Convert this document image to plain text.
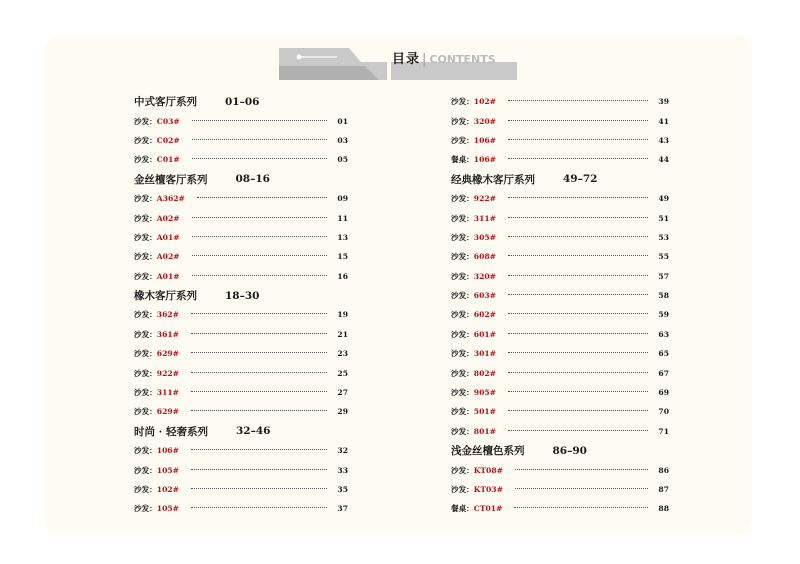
目录 | CONTENTS
中式客厅系列	01–06
沙发： C03#	01
沙发： C02#	03
沙发： C01#	05
金丝檀客厅系列	08–16
沙发： A362#	09
沙发： A02#	11
沙发： A01#	13
沙发： A02#	15
沙发： A01#	16
橡木客厅系列	18–30
沙发： 362#	19
沙发： 361#	21
沙发： 629#	23
沙发： 922#	25
沙发： 311#	27
沙发： 629#	29
时尚 · 轻奢系列	32–46
沙发： 106#	32
沙发： 105#	33
沙发： 102#	35
沙发： 105#	37
沙发： 102#	39
沙发： 320#	41
沙发： 106#	43
餐桌： 106#	44
经典橡木客厅系列	49–72
沙发： 922#	49
沙发： 311#	51
沙发： 305#	53
沙发： 608#	55
沙发： 320#	57
沙发： 603#	58
沙发： 602#	59
沙发： 601#	63
沙发： 301#	65
沙发： 802#	67
沙发： 905#	69
沙发： 501#	70
沙发： 801#	71
浅金丝檀色系列	86–90
沙发： KT08#	86
沙发： KT03#	87
餐桌： CT01#	88
